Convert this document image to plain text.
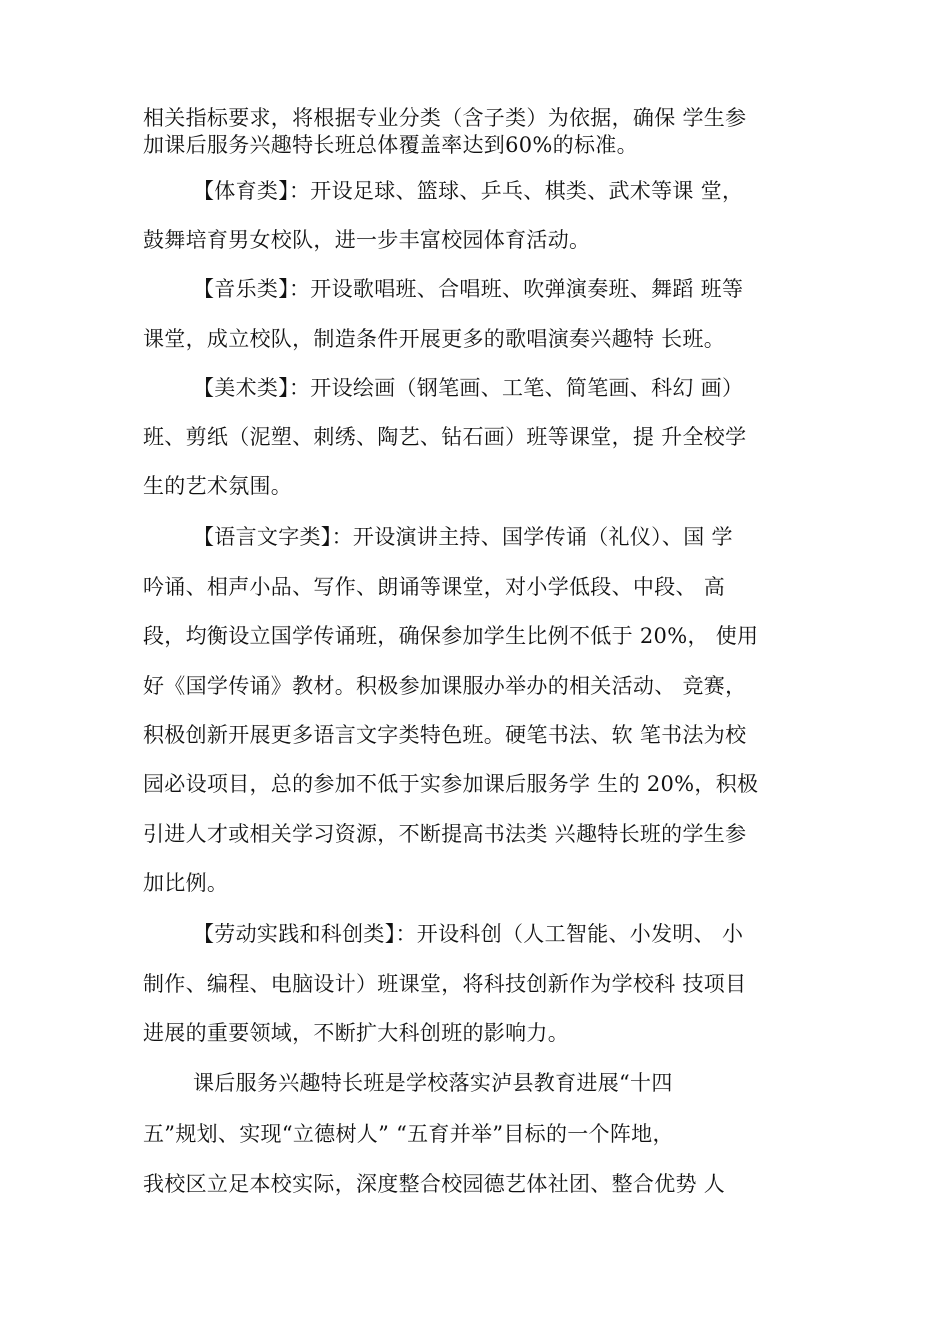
相关指标要求，将根据专业分类（含子类）为依据，确保 学生参
加课后服务兴趣特长班总体覆盖率达到60%的标准。
【体育类】：开设足球、篮球、乒乓、棋类、武术等课 堂，
鼓舞培育男女校队，进一步丰富校园体育活动。
【音乐类】：开设歌唱班、合唱班、吹弹演奏班、舞蹈 班等
课堂，成立校队，制造条件开展更多的歌唱演奏兴趣特 长班。
【美术类】：开设绘画（钢笔画、工笔、简笔画、科幻 画）
班、剪纸（泥塑、刺绣、陶艺、钻石画）班等课堂，提 升全校学
生的艺术氛围。
【语言文字类】：开设演讲主持、国学传诵（礼仪）、国 学
吟诵、相声小品、写作、朗诵等课堂，对小学低段、中段、 高
段，均衡设立国学传诵班，确保参加学生比例不低于 20%， 使用
好《国学传诵》教材。积极参加课服办举办的相关活动、 竞赛，
积极创新开展更多语言文字类特色班。硬笔书法、软 笔书法为校
园必设项目，总的参加不低于实参加课后服务学 生的 20%，积极
引进人才或相关学习资源，不断提高书法类 兴趣特长班的学生参
加比例。
【劳动实践和科创类】：开设科创（人工智能、小发明、 小
制作、编程、电脑设计）班课堂，将科技创新作为学校科 技项目
进展的重要领域，不断扩大科创班的影响力。
课后服务兴趣特长班是学校落实泸县教育进展“十四
五”规划、实现“立德树人” “五育并举”目标的一个阵地，
我校区立足本校实际，深度整合校园德艺体社团、整合优势 人
